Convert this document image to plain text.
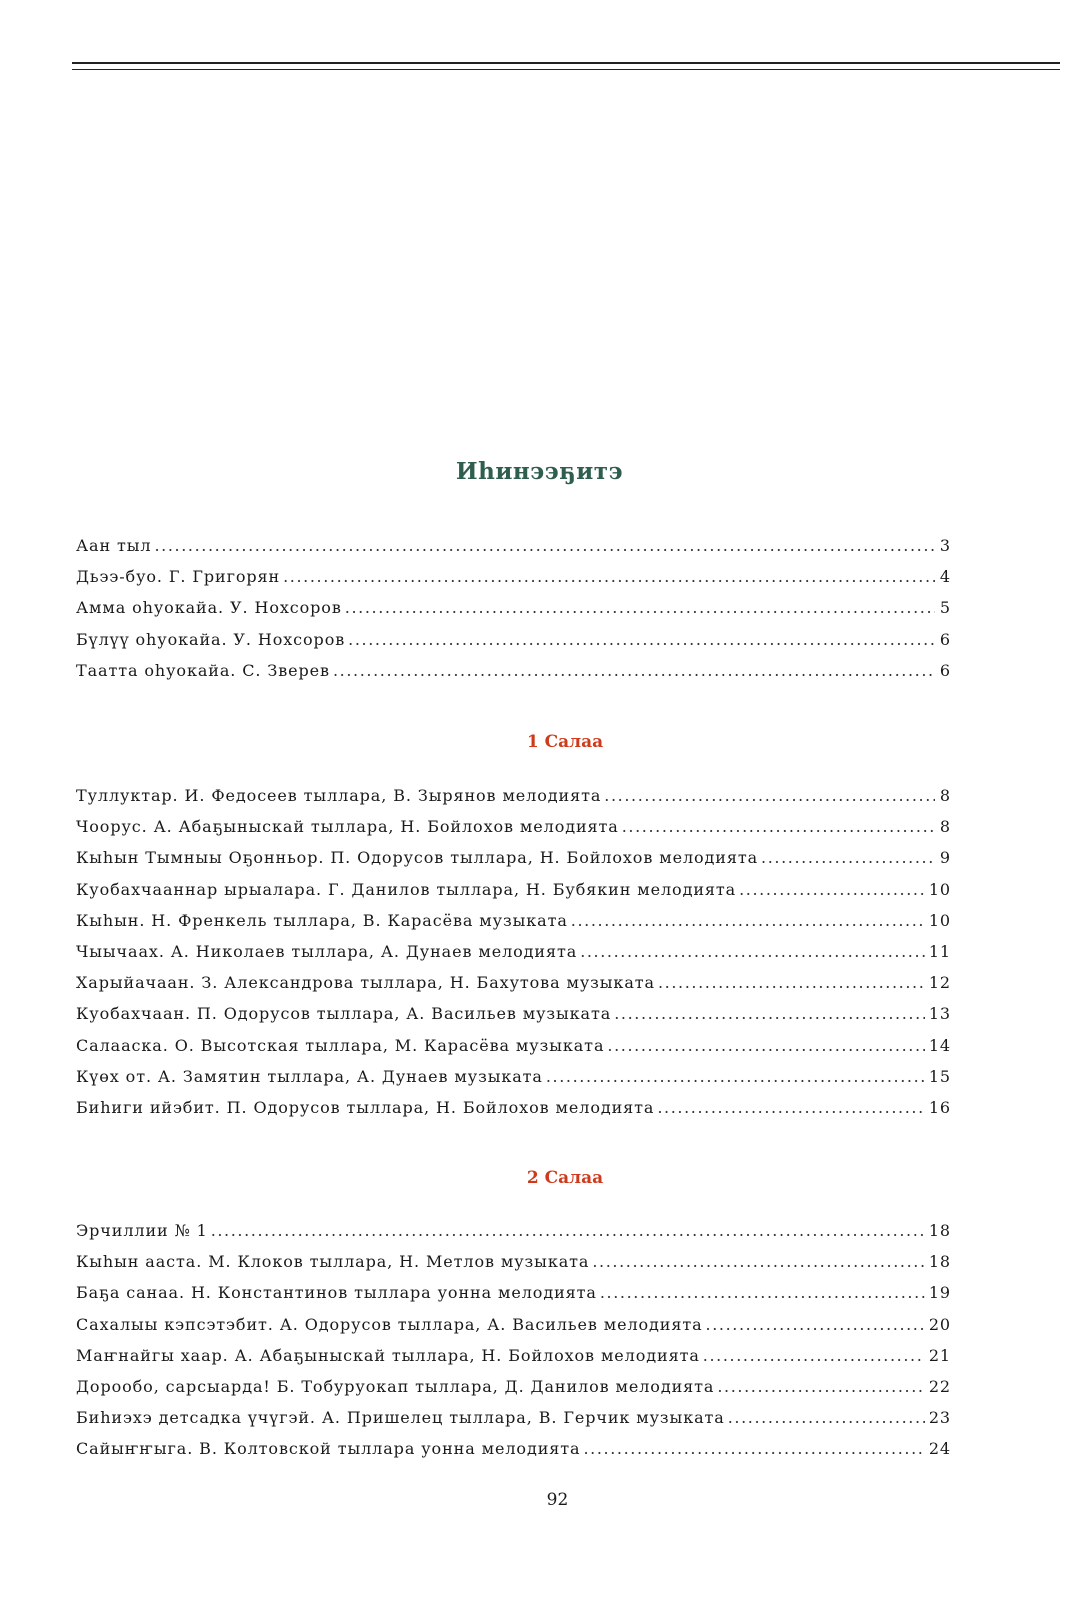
Иhинээҕитэ
Аан тыл .....	3
Дьээ-буо. Г. Григорян .....	4
Амма оhуокайа. У. Нохсоров .....	5
Бүлүү оhуокайа. У. Нохсоров .....	6
Таатта оhуокайа. С. Зверев .....	6
1 Салаа
Туллуктар. И. Федосеев тыллара, В. Зырянов мелодията .....	8
Чоорус. А. Абаҕыныскай тыллара, Н. Бойлохов мелодията .....	8
Кыhын Тымныы Оҕонньор. П. Одорусов тыллара, Н. Бойлохов мелодията .....	9
Куобахчааннар ырыалара. Г. Данилов тыллара, Н. Бубякин мелодията .....	10
Кыhын. Н. Френкель тыллара, В. Карасёва музыката .....	10
Чыычаах. А. Николаев тыллара, А. Дунаев мелодията .....	11
Харыйачаан. З. Александрова тыллара, Н. Бахутова музыката .....	12
Куобахчаан. П. Одорусов тыллара, А. Васильев музыката .....	13
Салааска. О. Высотская тыллара, М. Карасёва музыката .....	14
Күөх от. А. Замятин тыллара, А. Дунаев музыката .....	15
Биhиги ийэбит. П. Одорусов тыллара, Н. Бойлохов мелодията .....	16
2 Салаа
Эрчиллии № 1 .....	18
Кыhын ааста. М. Клоков тыллара, Н. Метлов музыката .....	18
Баҕа санаа. Н. Константинов тыллара уонна мелодията .....	19
Сахалыы кэпсэтэбит. А. Одорусов тыллара, А. Васильев мелодията .....	20
Маҥнайгы хаар. А. Абаҕыныскай тыллара, Н. Бойлохов мелодията .....	21
Дорообо, сарсыарда! Б. Тобуруокап тыллара, Д. Данилов мелодията .....	22
Биhиэхэ детсадка үчүгэй. А. Пришелец тыллара, В. Герчик музыката .....	23
Сайыҥҥыга. В. Колтовской тыллара уонна мелодията .....	24
92
